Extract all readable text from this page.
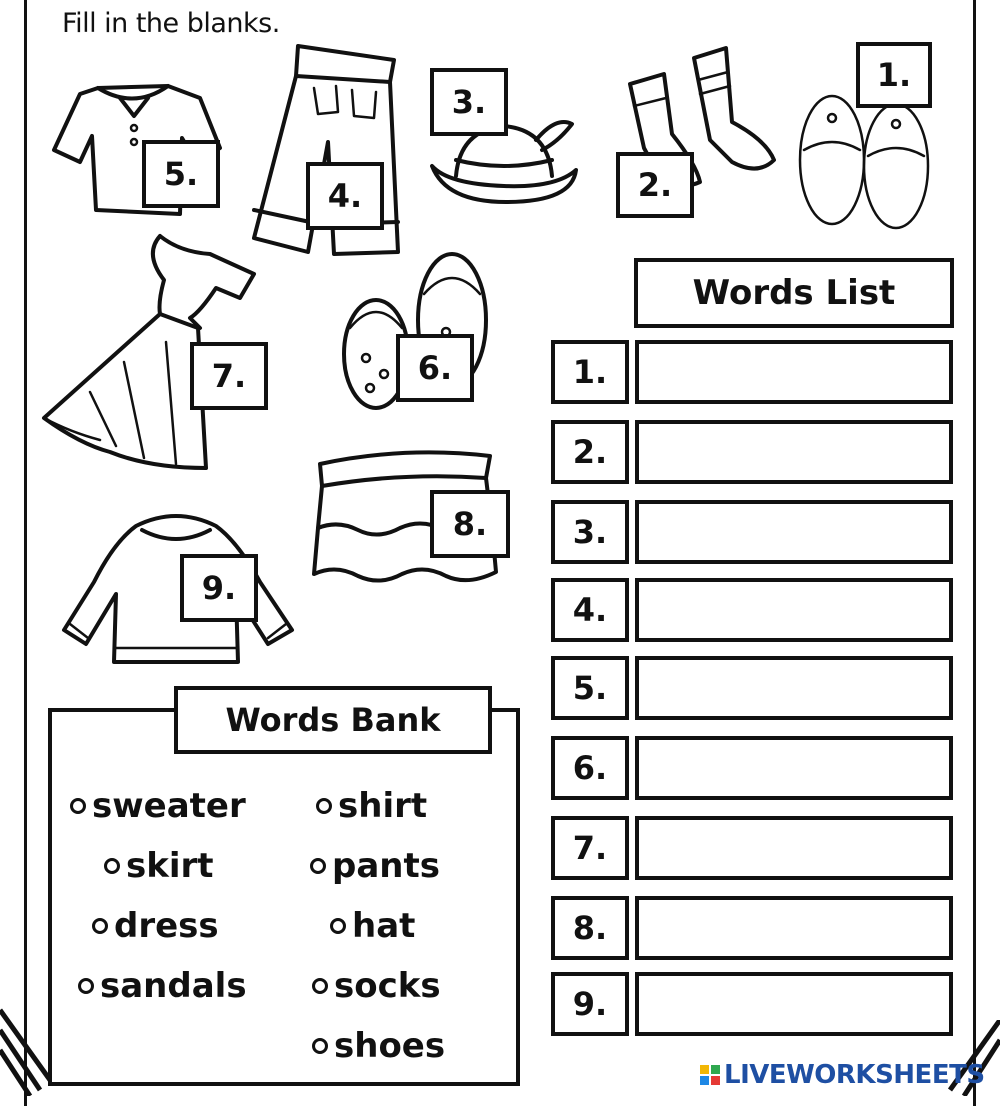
Fill in the blanks.
5.
4.
3.
2.
1.
7.	6.
8.
9.
Words List
1.
2.
3.
4.
5.
6.
7.
8.
9.
Words Bank
sweater	shirt
skirt	pants
dress	hat
sandals	socks
shoes
LIVEWORKSHEETS
